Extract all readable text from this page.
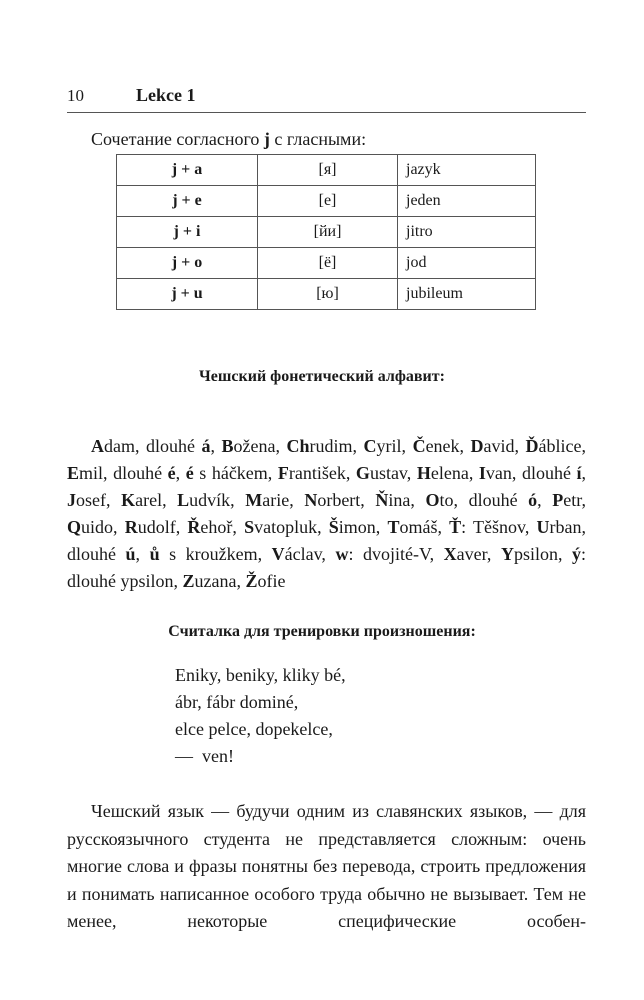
10	Lekce 1
Сочетание согласного j с гласными:
j + a	[я]	jazyk
j + e	[е]	jeden
j + i	[йи]	jitro
j + o	[ё]	jod
j + u	[ю]	jubileum
Чешский фонетический алфавит:
Adam, dlouhé á, Božena, Chrudim, Cyril, Čenek, David, Ďáblice, Emil, dlouhé é, é s háčkem, František, Gustav, Helena, Ivan, dlouhé í, Josef, Karel, Ludvík, Marie, Norbert, Ňina, Oto, dlouhé ó, Petr, Quido, Rudolf, Řehoř, Svatopluk, Šimon, Tomáš, Ť: Těšnov, Urban, dlouhé ú, ů s kroužkem, Václav, w: dvojité-V, Xaver, Ypsilon, ý: dlouhé ypsilon, Zuzana, Žofie
Считалка для тренировки произношения:
Eniky, beniky, kliky bé,
ábr, fábr dominé,
elce pelce, dopekelce,
—  ven!
Чешский язык — будучи одним из славянских языков, — для русскоязычного студента не представляется сложным: очень многие слова и фразы понятны без перевода, строить предложения и понимать написанное особого труда обычно не вызывает. Тем не менее, некоторые специфические особен-
